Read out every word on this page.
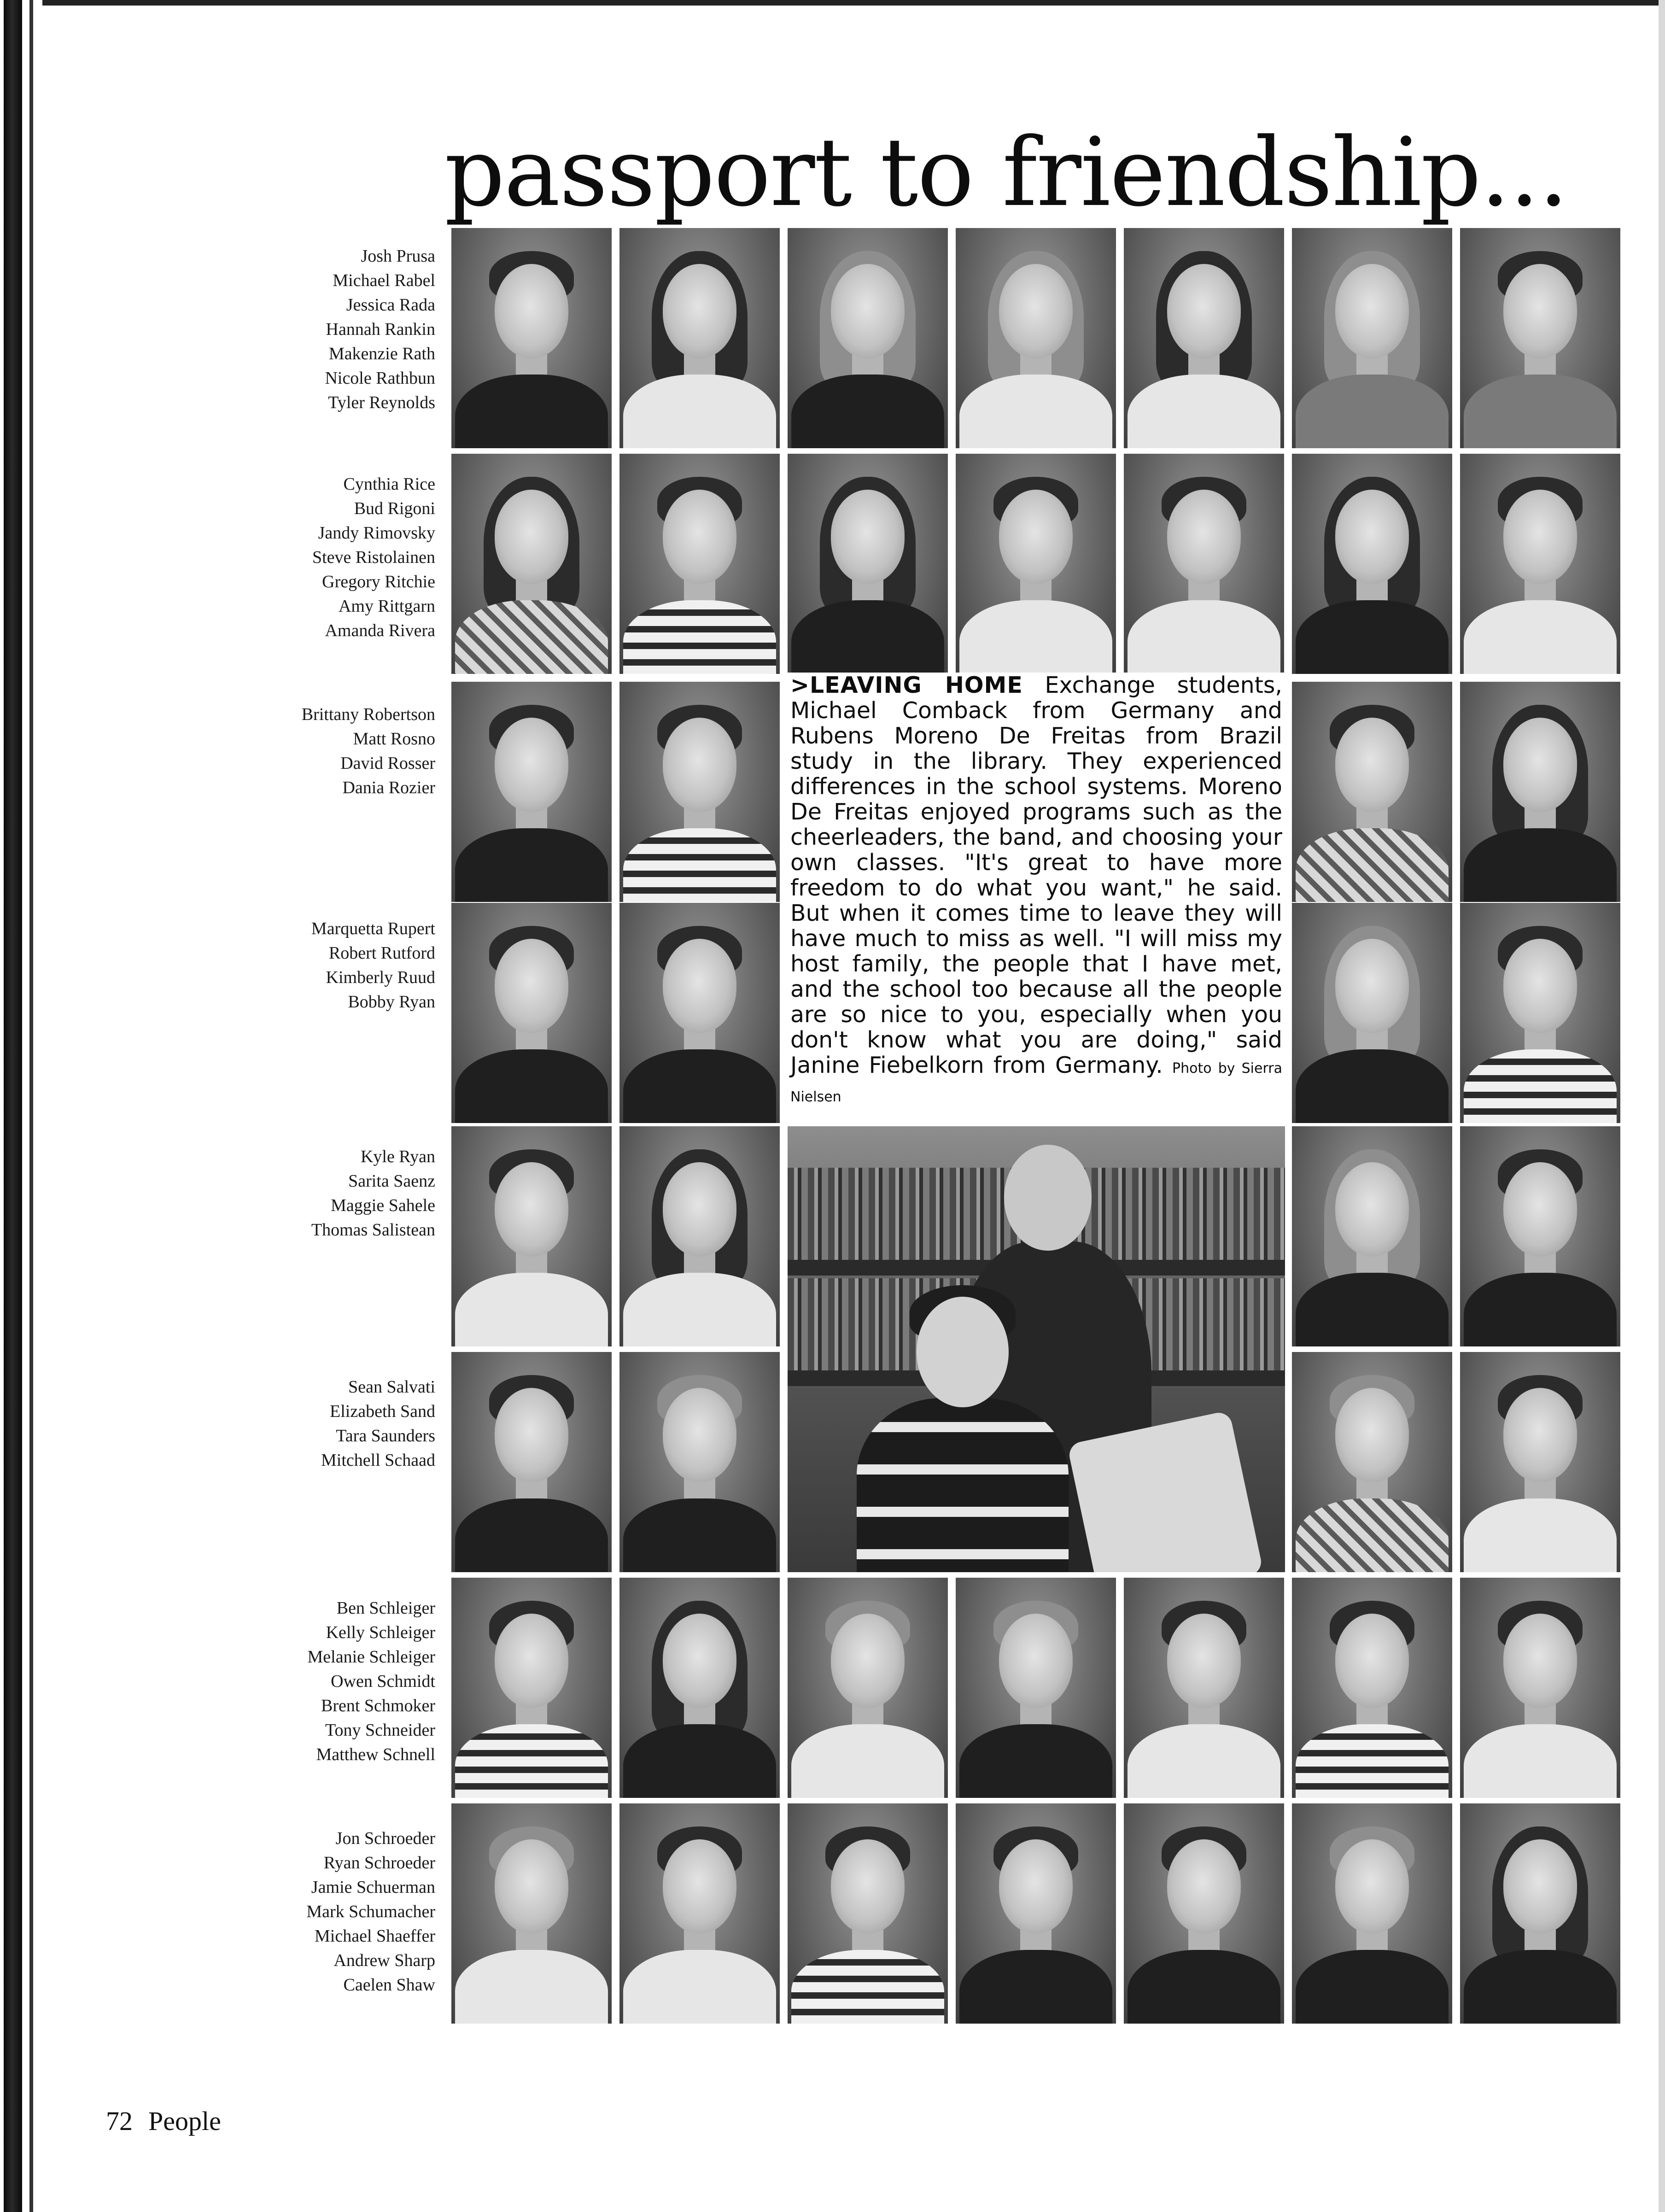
passport to friendship...
Josh Prusa
Michael Rabel
Jessica Rada
Hannah Rankin
Makenzie Rath
Nicole Rathbun
Tyler Reynolds
Cynthia Rice
Bud Rigoni
Jandy Rimovsky
Steve Ristolainen
Gregory Ritchie
Amy Rittgarn
Amanda Rivera
Brittany Robertson
Matt Rosno
David Rosser
Dania Rozier
Marquetta Rupert
Robert Rutford
Kimberly Ruud
Bobby Ryan
Kyle Ryan
Sarita Saenz
Maggie Sahele
Thomas Salistean
Sean Salvati
Elizabeth Sand
Tara Saunders
Mitchell Schaad
Ben Schleiger
Kelly Schleiger
Melanie Schleiger
Owen Schmidt
Brent Schmoker
Tony Schneider
Matthew Schnell
Jon Schroeder
Ryan Schroeder
Jamie Schuerman
Mark Schumacher
Michael Shaeffer
Andrew Sharp
Caelen Shaw

>LEAVING HOME Exchange students, Michael Comback from Germany and Rubens Moreno De Freitas from Brazil study in the library. They experienced differences in the school systems. Moreno De Freitas enjoyed programs such as the cheerleaders, the band, and choosing your own classes. "It's great to have more freedom to do what you want," he said. But when it comes time to leave they will have much to miss as well. "I will miss my host family, the people that I have met, and the school too because all the people are so nice to you, especially when you don't know what you are doing," said Janine Fiebelkorn from Germany. Photo by Sierra Nielsen

72 People
